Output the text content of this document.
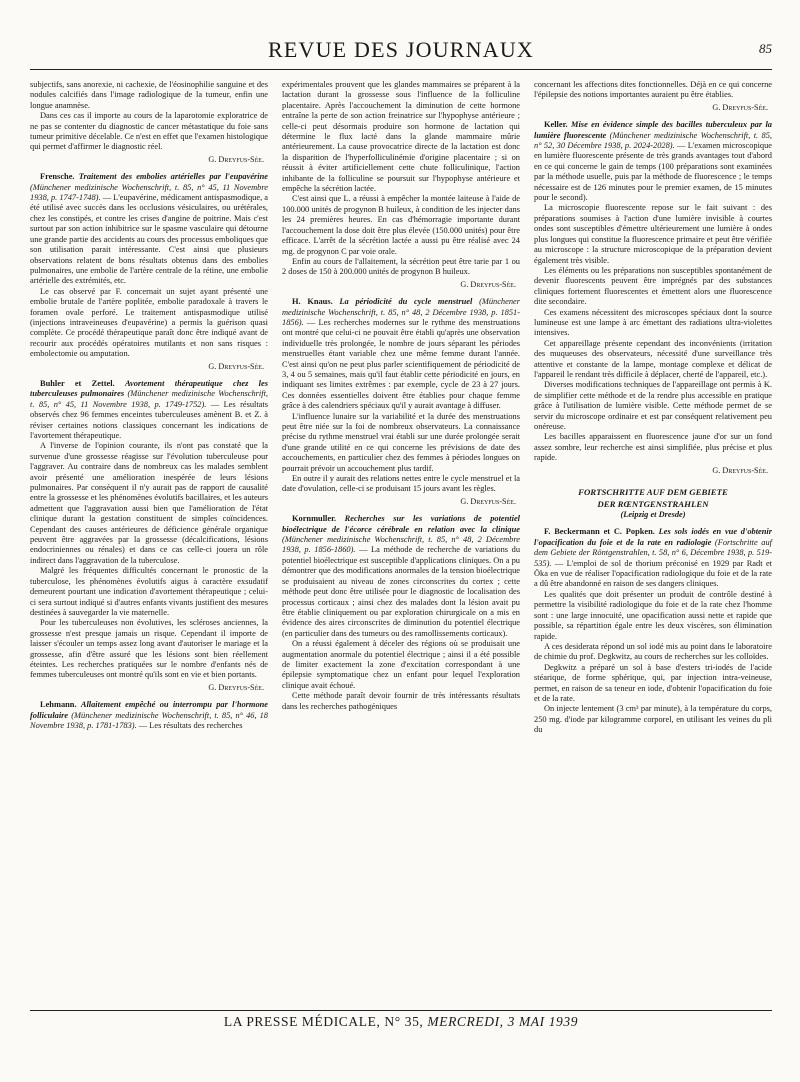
REVUE DES JOURNAUX	85

subjectifs, sans anorexie, ni cachexie, de l'éosinophilie sanguine et des nodules calcifiés dans l'image radiologique de la tumeur, enfin une longue anamnèse.

Dans ces cas il importe au cours de la laparotomie exploratrice de ne pas se contenter du diagnostic de cancer métastatique du foie sans tumeur primitive décelable. Ce n'est en effet que l'examen histologique qui permet d'affirmer le diagnostic réel.

G. Dreyfus-Sée.

Frensche. Traitement des embolies artérielles par l'eupavérine (Münchener medizinische Wochenschrift, t. 85, n° 45, 11 Novembre 1938, p. 1747-1748). — L'eupavérine, médicament antispasmodique, a été utilisé avec succès dans les occlusions vésiculaires, ou urétérales, chez les constipés, et contre les crises d'angine de poitrine. Mais c'est surtout par son action inhibitrice sur le spasme vasculaire qui détourne une grande partie des accidents au cours des processus emboliques que son utilisation parait intéressante. C'est ainsi que plusieurs observations relatent de bons résultats obtenus dans des embolies pulmonaires, une embolie de l'artère centrale de la rétine, une embolie artérielle des extrémités, etc.

Le cas observé par F. concernait un sujet ayant présenté une embolie brutale de l'artère poplitée, embolie paradoxale à travers le foramen ovale perforé. Le traitement antispasmodique utilisé (injections intraveineuses d'eupavérine) a permis la guérison quasi complète. Ce procédé thérapeutique paraît donc être indiqué avant de recourir aux procédés opératoires mutilants et non sans risques : embolectomie ou amputation.

G. Dreyfus-Sée.

Buhler et Zettel. Avortement thérapeutique chez les tuberculeuses pulmonaires (Münchener medizinische Wochenschrift, t. 85, n° 45, 11 Novembre 1938, p. 1749-1752). — Les résultats observés chez 96 femmes enceintes tuberculeuses amènent B. et Z. à réviser certaines notions classiques concernant les indications de l'avortement thérapeutique.

A l'inverse de l'opinion courante, ils n'ont pas constaté que la survenue d'une grossesse réagisse sur l'évolution tuberculeuse pour l'aggraver. Au contraire dans de nombreux cas les malades semblent avoir présenté une amélioration inespérée de leurs lésions pulmonaires. Par conséquent il n'y aurait pas de rapport de causalité entre la grossesse et les phénomènes évolutifs bacillaires, et les auteurs admettent que l'aggravation aussi bien que l'amélioration de l'état clinique durant la gestation constituent de simples coïncidences. Cependant des causes antérieures de déficience générale organique peuvent être aggravées par la grossesse (décalcifications, lésions endocriniennes ou rénales) et dans ce cas celle-ci jouera un rôle indirect dans l'aggravation de la tuberculose.

Malgré les fréquentes difficultés concernant le pronostic de la tuberculose, les phénomènes évolutifs aigus à caractère exsudatif demeurent pourtant une indication d'avortement thérapeutique ; celui-ci sera surtout indiqué si d'autres enfants vivants justifient des mesures destinées à sauvegarder la vie maternelle.

Pour les tuberculeuses non évolutives, les scléroses anciennes, la grossesse n'est presque jamais un risque. Cependant il importe de laisser s'écouler un temps assez long avant d'autoriser le mariage et la grossesse, afin d'être assuré que les lésions sont bien réellement éteintes. Les recherches pratiquées sur le nombre d'enfants nés de femmes tuberculeuses ont montré qu'ils sont en vie et bien portants.

G. Dreyfus-Sée.

Lehmann. Allaitement empêché ou interrompu par l'hormone folliculaire (Münchener medizinische Wochenschrift, t. 85, n° 46, 18 Novembre 1938, p. 1781-1783). — Les résultats des recherches

expérimentales prouvent que les glandes mammaires se préparent à la lactation durant la grossesse sous l'influence de la folliculine placentaire. Après l'accouchement la diminution de cette hormone entraîne la perte de son action freinatrice sur l'hypophyse antérieure ; celle-ci peut désormais produire son hormone de lactation qui détermine le flux lacté dans la glande mammaire mûrie antérieurement. La cause provocatrice directe de la lactation est donc la disparition de l'hyperfolliculinémie d'origine placentaire ; si on réussit à éviter artificiellement cette chute folliculinique, l'action inhibante de la folliculine se poursuit sur l'hypophyse antérieure et empêche la sécrétion lactée.

C'est ainsi que L. a réussi à empêcher la montée laiteuse à l'aide de 100.000 unités de progynon B huileux, à condition de les injecter dans les 24 premières heures. En cas d'hémorragie importante durant l'accouchement la dose doit être plus élevée (150.000 unités) pour être efficace. L'arrêt de la sécrétion lactée a aussi pu être réalisé avec 24 mg. de progynon C par voie orale.

Enfin au cours de l'allaitement, la sécrétion peut être tarie par 1 ou 2 doses de 150 à 200.000 unités de progynon B huileux.

G. Dreyfus-Sée.

H. Knaus. La périodicité du cycle menstruel (Münchener medizinische Wochenschrift, t. 85, n° 48, 2 Décembre 1938, p. 1851-1856). — Les recherches modernes sur le rythme des menstruations ont montré que celui-ci ne pouvait être établi qu'après une observation individuelle très prolongée, le nombre de jours séparant les périodes menstruelles étant variable chez une même femme durant l'année. C'est ainsi qu'on ne peut plus parler scientifiquement de périodicité de 3, 4 ou 5 semaines, mais qu'il faut établir cette périodicité en jours, en indiquant ses limites extrêmes : par exemple, cycle de 23 à 27 jours. Ces données essentielles doivent être établies pour chaque femme grâce à des calendriers spéciaux qu'il y aurait avantage à diffuser.

L'influence lunaire sur la variabilité et la durée des menstruations peut être niée sur la foi de nombreux observateurs. La connaissance précise du rythme menstruel vrai établi sur une durée prolongée serait d'une grande utilité en ce qui concerne les prévisions de date des accouchements, en particulier chez des femmes à périodes longues on pourrait prévoir un accouchement plus tardif.

En outre il y aurait des relations nettes entre le cycle menstruel et la date d'ovulation, celle-ci se produisant 15 jours avant les règles.

G. Dreyfus-Sée.

Kornmuller. Recherches sur les variations de potentiel bioélectrique de l'écorce cérébrale en relation avec la clinique (Münchener medizinische Wochenschrift, t. 85, n° 48, 2 Décembre 1938, p. 1856-1860). — La méthode de recherche de variations du potentiel bioélectrique est susceptible d'applications cliniques. On a pu démontrer que des modifications anormales de la tension bioélectrique se produisaient au niveau de zones circonscrites du cortex ; cette méthode peut donc être utilisée pour le diagnostic de localisation des processus corticaux ; ainsi chez des malades dont la lésion avait pu être établie cliniquement ou par exploration chirurgicale on a mis en évidence des aires circonscrites de diminution du potentiel électrique (en particulier dans des tumeurs ou des ramollissements corticaux).

On a réussi également à déceler des régions où se produisait une augmentation anormale du potentiel électrique ; ainsi il a été possible de limiter exactement la zone d'excitation correspondant à une épilepsie symptomatique chez un enfant pour lequel l'exploration clinique avait échoué.

Cette méthode paraît devoir fournir de très intéressants résultats dans les recherches pathogéniques

concernant les affections dites fonctionnelles. Déjà en ce qui concerne l'épilepsie des notions importantes auraient pu être établies.

G. Dreyfus-Sée.

Keller. Mise en évidence simple des bacilles tuberculeux par la lumière fluorescente (Münchener medizinische Wochenschrift, t. 85, n° 52, 30 Décembre 1938, p. 2024-2028). — L'examen microscopique en lumière fluorescente présente de très grands avantages tout d'abord en ce qui concerne le gain de temps (100 préparations sont examinées par la méthode usuelle, puis par la méthode de fluorescence ; le temps nécessaire est de 126 minutes pour le premier examen, de 15 minutes pour le second).

La microscopie fluorescente repose sur le fait suivant : des préparations soumises à l'action d'une lumière invisible à courtes ondes sont susceptibles d'émettre ultérieurement une lumière à ondes plus longues qui constitue la fluorescence primaire et peut être vérifiée au microscope : la structure microscopique de la préparation devient également très visible.

Les éléments ou les préparations non susceptibles spontanément de devenir fluorescents peuvent être imprégnés par des substances cliniques fortement fluorescentes et émettent alors une fluorescence dite secondaire.

Ces examens nécessitent des microscopes spéciaux dont la source lumineuse est une lampe à arc émettant des radiations ultra-violettes intensives.

Cet appareillage présente cependant des inconvénients (irritation des muqueuses des observateurs, nécessité d'une surveillance très attentive et constante de la lampe, montage complexe et délicat de l'appareil le rendant très difficile à déplacer, cherté de l'appareil, etc.).

Diverses modifications techniques de l'appareillage ont permis à K. de simplifier cette méthode et de la rendre plus accessible en pratique grâce à l'utilisation de lumière visible. Cette méthode permet de se servir du microscope ordinaire et est par conséquent relativement peu onéreuse.

Les bacilles apparaissent en fluorescence jaune d'or sur un fond assez sombre, leur recherche est ainsi simplifiée, plus précise et plus rapide.

G. Dreyfus-Sée.
FORTSCHRITTE AUF DEM GEBIETE
DER RŒNTGENSTRAHLEN
(Leipzig et Dresde)

F. Beckermann et C. Popken. Les sols iodés en vue d'obtenir l'opacification du foie et de la rate en radiologie (Fortschritte auf dem Gebiete der Röntgenstrahlen, t. 58, n° 6, Décembre 1938, p. 519-535). — L'emploi de sol de thorium préconisé en 1929 par Radt et Öka en vue de réaliser l'opacification radiologique du foie et de la rate a dû être abandonné en raison de ses dangers cliniques.

Les qualités que doit présenter un produit de contrôle destiné à permettre la visibilité radiologique du foie et de la rate chez l'homme sont : une large innocuité, une opacification aussi nette et rapide que possible, sa répartition égale entre les deux viscères, son élimination rapide.

A ces desiderata répond un sol iodé mis au point dans le laboratoire de chimie du prof. Degkwitz, au cours de recherches sur les colloïdes.

Degkwitz a préparé un sol à base d'esters tri-iodés de l'acide stéarique, de forme sphérique, qui, par injection intra-veineuse, permet, en raison de sa teneur en iode, d'obtenir l'opacification du foie et de la rate.

On injecte lentement (3 cm³ par minute), à la température du corps, 250 mg. d'iode par kilogramme corporel, en utilisant les veines du pli du

LA PRESSE MÉDICALE, N° 35, MERCREDI, 3 MAI 1939
